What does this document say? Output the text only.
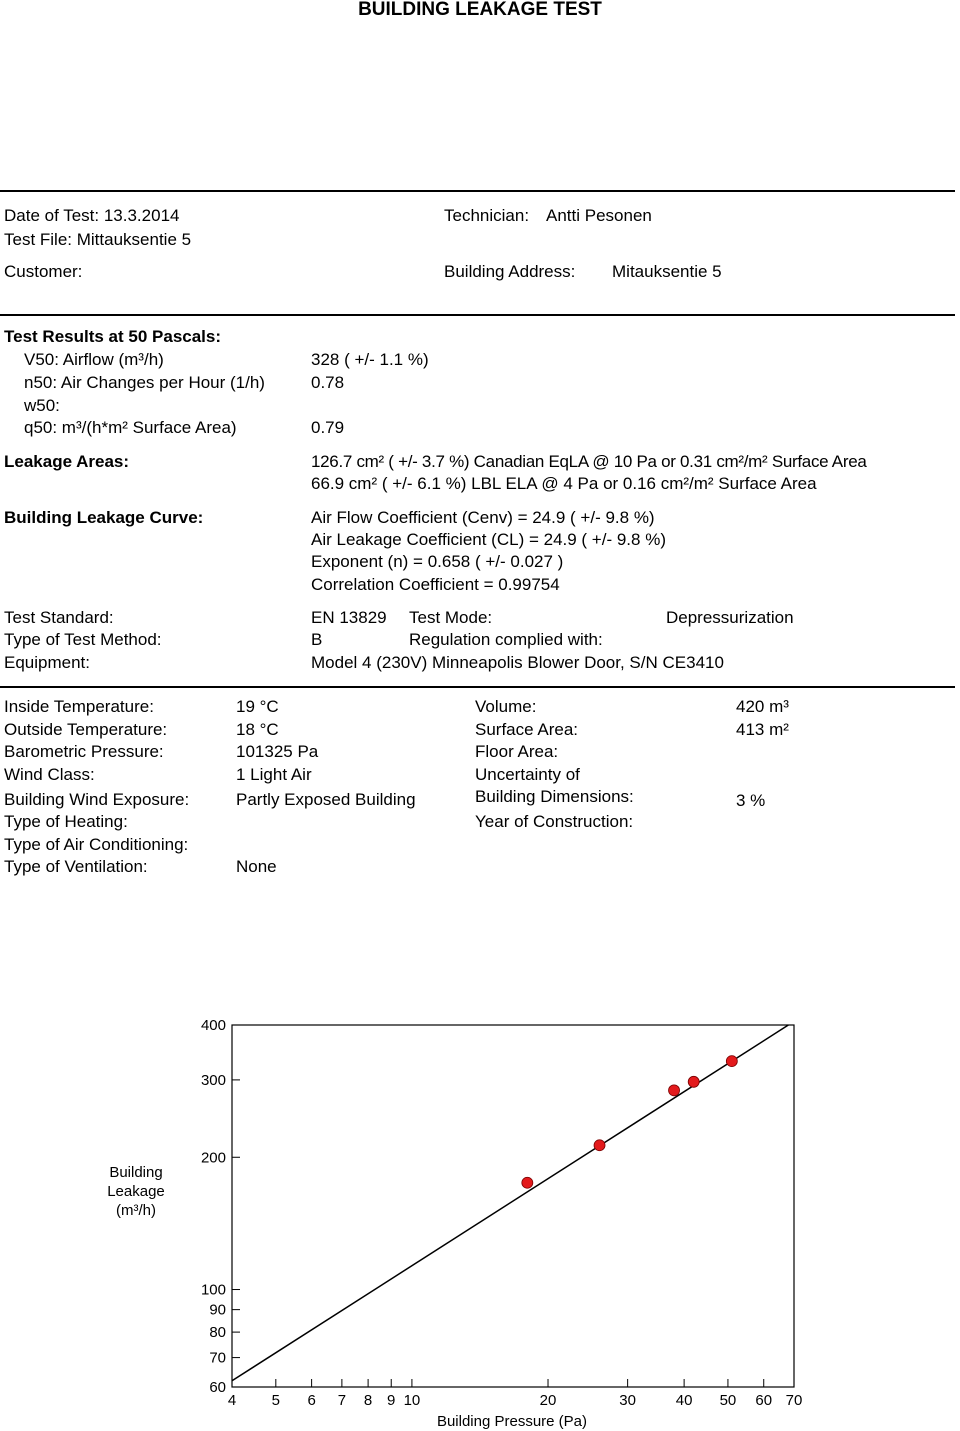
BUILDING LEAKAGE TEST
Date of Test: 13.3.2014	Technician: Antti Pesonen
Test File: Mittauksentie 5
Customer:	Building Address: Mitauksentie 5
Test Results at 50 Pascals:
V50: Airflow (m³/h)	328 ( +/- 1.1 %)
n50: Air Changes per Hour (1/h)	0.78
w50:
q50: m³/(h*m² Surface Area)	0.79
Leakage Areas:	126.7 cm² ( +/- 3.7 %) Canadian EqLA @ 10 Pa or 0.31 cm²/m² Surface Area
66.9 cm² ( +/- 6.1 %) LBL ELA @ 4 Pa or 0.16 cm²/m² Surface Area
Building Leakage Curve:	Air Flow Coefficient (Cenv) = 24.9 ( +/- 9.8 %)
Air Leakage Coefficient (CL) = 24.9 ( +/- 9.8 %)
Exponent (n) = 0.658 ( +/- 0.027 )
Correlation Coefficient = 0.99754
Test Standard:	EN 13829 Test Mode:	Depressurization
Type of Test Method:	B	Regulation complied with:
Equipment:	Model 4 (230V) Minneapolis Blower Door, S/N CE3410
Inside Temperature:	19 °C
Outside Temperature:	18 °C
Barometric Pressure:	101325 Pa
Wind Class:	1 Light Air
Building Wind Exposure:	Partly Exposed Building
Type of Heating:
Type of Air Conditioning:
Type of Ventilation:	None
Volume:	420 m³
Surface Area:	413 m²
Floor Area:
Uncertainty of
Building Dimensions:	3 %
Year of Construction:
60
70
80
90
100
200
300
400
4 5 6 7 8 9 10	20	30	40 50 60 70
Building Pressure (Pa)
Building
Leakage
(m³/h)
